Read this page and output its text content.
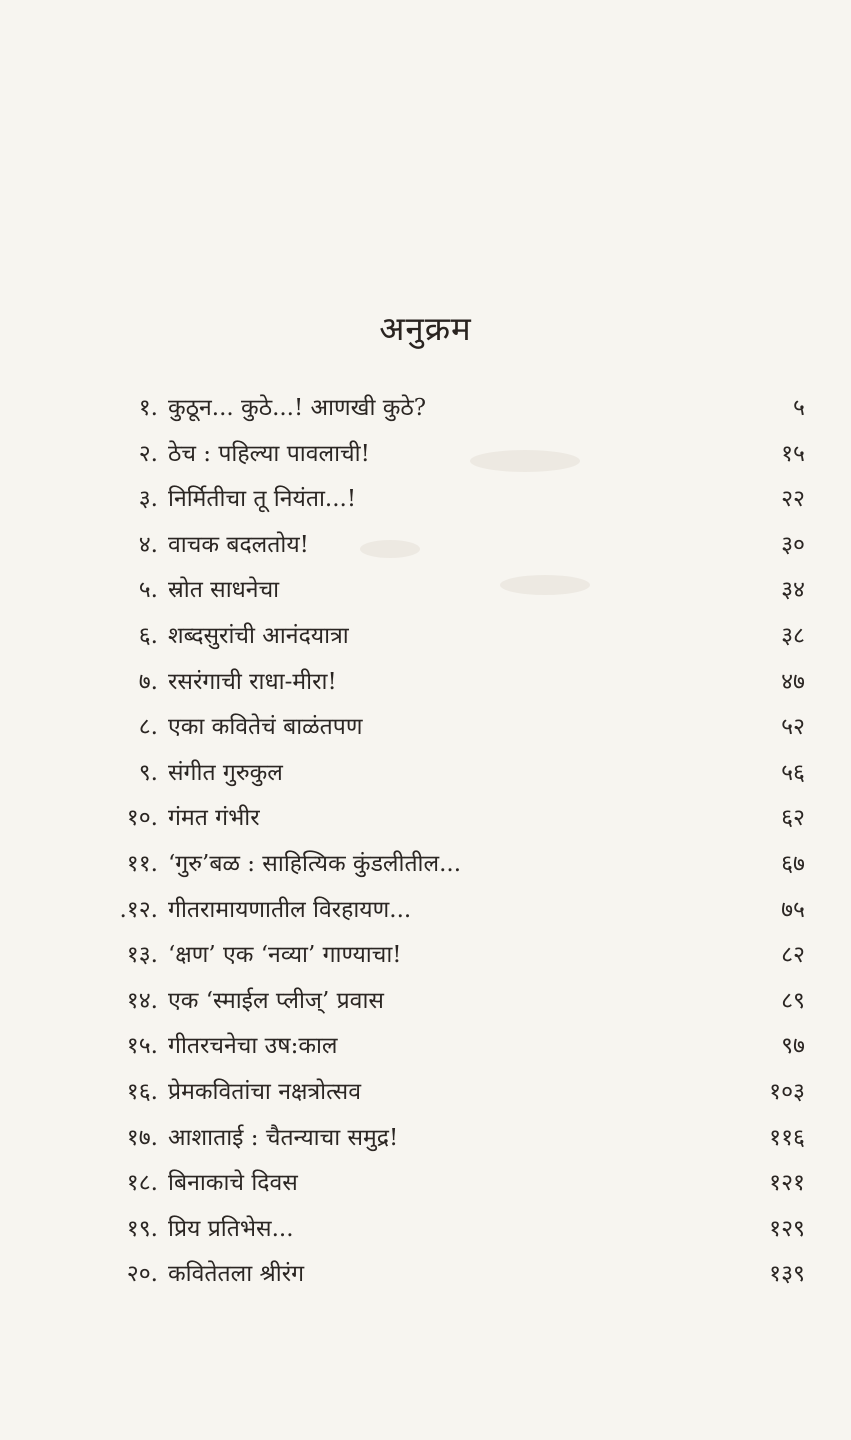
अनुक्रम
१. कुठून... कुठे...! आणखी कुठे?	५
२. ठेच : पहिल्या पावलाची!	१५
३. निर्मितीचा तू नियंता...!	२२
४. वाचक बदलतोय!	३०
५. स्रोत साधनेचा	३४
६. शब्दसुरांची आनंदयात्रा	३८
७. रसरंगाची राधा-मीरा!	४७
८. एका कवितेचं बाळंतपण	५२
९. संगीत गुरुकुल	५६
१०. गंमत गंभीर	६२
११. ‘गुरु’बळ : साहित्यिक कुंडलीतील...	६७
.१२. गीतरामायणातील विरहायण...	७५
१३. ‘क्षण’ एक ‘नव्या’ गाण्याचा!	८२
१४. एक ‘स्माईल प्लीज्’ प्रवास	८९
१५. गीतरचनेचा उष:काल	९७
१६. प्रेमकवितांचा नक्षत्रोत्सव	१०३
१७. आशाताई : चैतन्याचा समुद्र!	११६
१८. बिनाकाचे दिवस	१२१
१९. प्रिय प्रतिभेस...	१२९
२०. कवितेतला श्रीरंग	१३९
